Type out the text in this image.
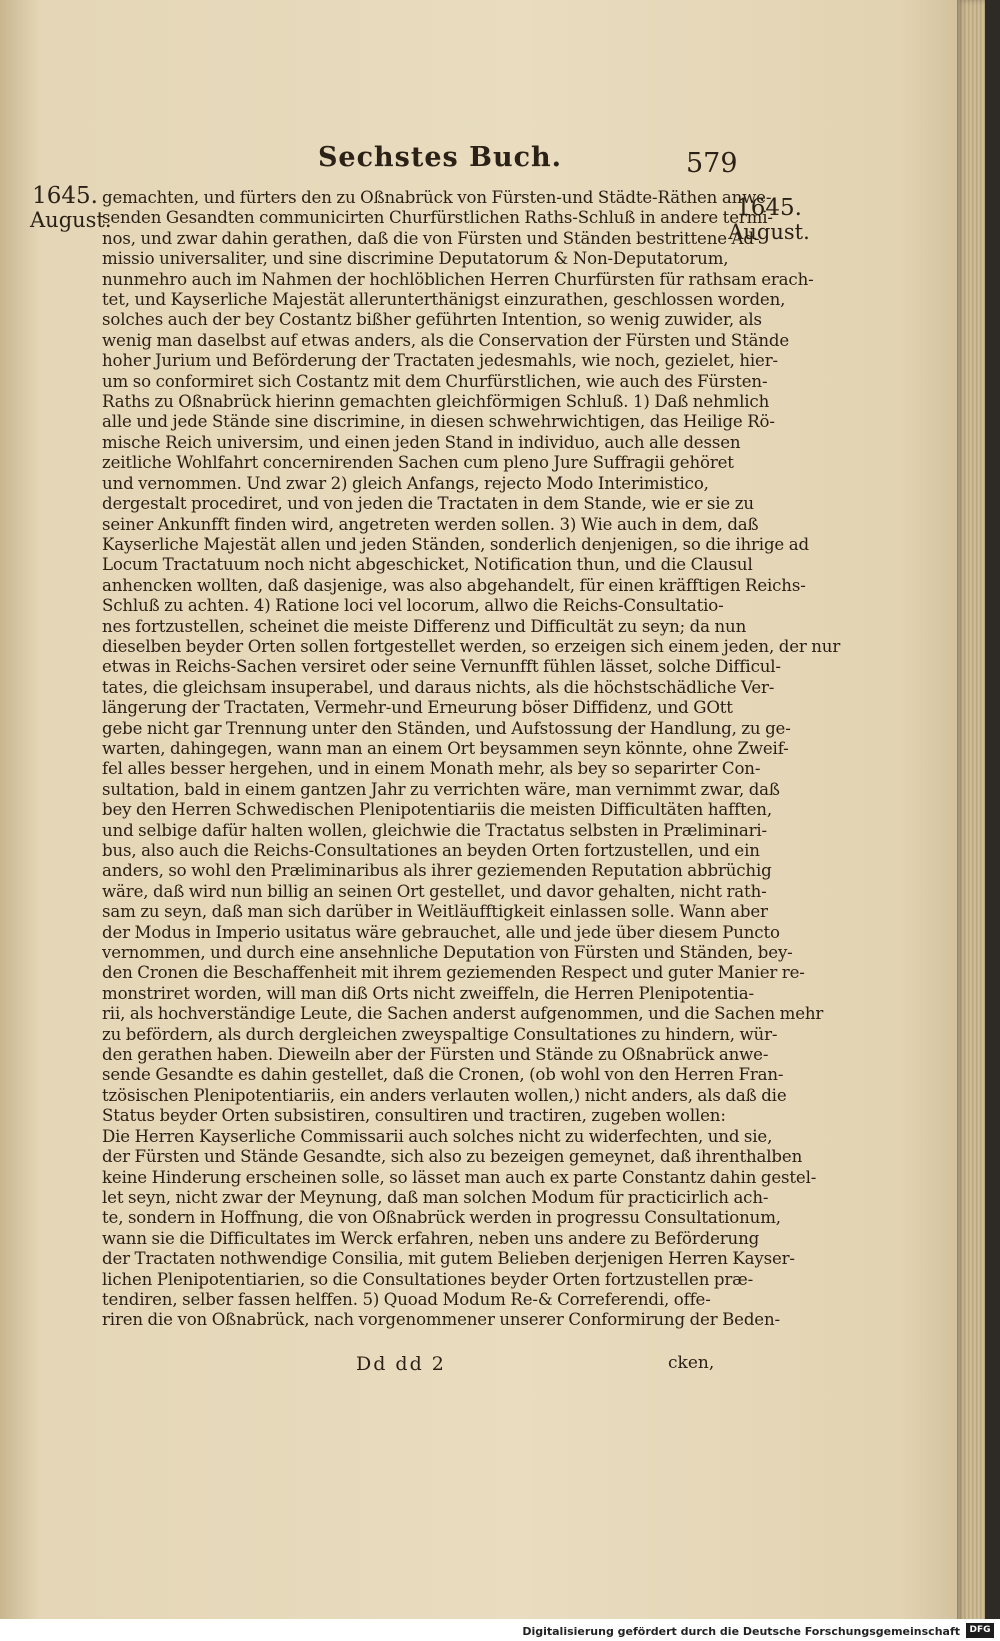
Sechstes Buch.	579
1645.
August.	1645.
August.
gemachten, und fürters den zu Oßnabrück von Fürsten-und Städte-Räthen anwe-
senden Gesandten communicirten Churfürstlichen Raths-Schluß in andere termi-
nos, und zwar dahin gerathen, daß die von Fürsten und Ständen bestrittene Ad-
missio universaliter, und sine discrimine Deputatorum & Non-Deputatorum,
nunmehro auch im Nahmen der hochlöblichen Herren Churfürsten für rathsam erach-
tet, und Kayserliche Majestät allerunterthänigst einzurathen, geschlossen worden,
solches auch der bey Costantz bißher geführten Intention, so wenig zuwider, als
wenig man daselbst auf etwas anders, als die Conservation der Fürsten und Stände
hoher Jurium und Beförderung der Tractaten jedesmahls, wie noch, gezielet, hier-
um so conformiret sich Costantz mit dem Churfürstlichen, wie auch des Fürsten-
Raths zu Oßnabrück hierinn gemachten gleichförmigen Schluß. 1) Daß nehmlich
alle und jede Stände sine discrimine, in diesen schwehrwichtigen, das Heilige Rö-
mische Reich universim, und einen jeden Stand in individuo, auch alle dessen
zeitliche Wohlfahrt concernirenden Sachen cum pleno Jure Suffragii gehöret
und vernommen. Und zwar 2) gleich Anfangs, rejecto Modo Interimistico,
dergestalt procediret, und von jeden die Tractaten in dem Stande, wie er sie zu
seiner Ankunfft finden wird, angetreten werden sollen. 3) Wie auch in dem, daß
Kayserliche Majestät allen und jeden Ständen, sonderlich denjenigen, so die ihrige ad
Locum Tractatuum noch nicht abgeschicket, Notification thun, und die Clausul
anhencken wollten, daß dasjenige, was also abgehandelt, für einen kräfftigen Reichs-
Schluß zu achten. 4) Ratione loci vel locorum, allwo die Reichs-Consultatio-
nes fortzustellen, scheinet die meiste Differenz und Difficultät zu seyn; da nun
dieselben beyder Orten sollen fortgestellet werden, so erzeigen sich einem jeden, der nur
etwas in Reichs-Sachen versiret oder seine Vernunfft fühlen lässet, solche Difficul-
tates, die gleichsam insuperabel, und daraus nichts, als die höchstschädliche Ver-
längerung der Tractaten, Vermehr-und Erneurung böser Diffidenz, und GOtt
gebe nicht gar Trennung unter den Ständen, und Aufstossung der Handlung, zu ge-
warten, dahingegen, wann man an einem Ort beysammen seyn könnte, ohne Zweif-
fel alles besser hergehen, und in einem Monath mehr, als bey so separirter Con-
sultation, bald in einem gantzen Jahr zu verrichten wäre, man vernimmt zwar, daß
bey den Herren Schwedischen Plenipotentiariis die meisten Difficultäten hafften,
und selbige dafür halten wollen, gleichwie die Tractatus selbsten in Præliminari-
bus, also auch die Reichs-Consultationes an beyden Orten fortzustellen, und ein
anders, so wohl den Præliminaribus als ihrer geziemenden Reputation abbrüchig
wäre, daß wird nun billig an seinen Ort gestellet, und davor gehalten, nicht rath-
sam zu seyn, daß man sich darüber in Weitläufftigkeit einlassen solle. Wann aber
der Modus in Imperio usitatus wäre gebrauchet, alle und jede über diesem Puncto
vernommen, und durch eine ansehnliche Deputation von Fürsten und Ständen, bey-
den Cronen die Beschaffenheit mit ihrem geziemenden Respect und guter Manier re-
monstriret worden, will man diß Orts nicht zweiffeln, die Herren Plenipotentia-
rii, als hochverständige Leute, die Sachen anderst aufgenommen, und die Sachen mehr
zu befördern, als durch dergleichen zweyspaltige Consultationes zu hindern, wür-
den gerathen haben. Dieweiln aber der Fürsten und Stände zu Oßnabrück anwe-
sende Gesandte es dahin gestellet, daß die Cronen, (ob wohl von den Herren Fran-
tzösischen Plenipotentiariis, ein anders verlauten wollen,) nicht anders, als daß die
Status beyder Orten subsistiren, consultiren und tractiren, zugeben wollen:
Die Herren Kayserliche Commissarii auch solches nicht zu widerfechten, und sie,
der Fürsten und Stände Gesandte, sich also zu bezeigen gemeynet, daß ihrenthalben
keine Hinderung erscheinen solle, so lässet man auch ex parte Constantz dahin gestel-
let seyn, nicht zwar der Meynung, daß man solchen Modum für practicirlich ach-
te, sondern in Hoffnung, die von Oßnabrück werden in progressu Consultationum,
wann sie die Difficultates im Werck erfahren, neben uns andere zu Beförderung
der Tractaten nothwendige Consilia, mit gutem Belieben derjenigen Herren Kayser-
lichen Plenipotentiarien, so die Consultationes beyder Orten fortzustellen præ-
tendiren, selber fassen helffen. 5) Quoad Modum Re-& Correferendi, offe-
riren die von Oßnabrück, nach vorgenommener unserer Conformirung der Beden-
Dd dd 2	cken,
Digitalisierung gefördert durch die Deutsche Forschungsgemeinschaft	DFG
